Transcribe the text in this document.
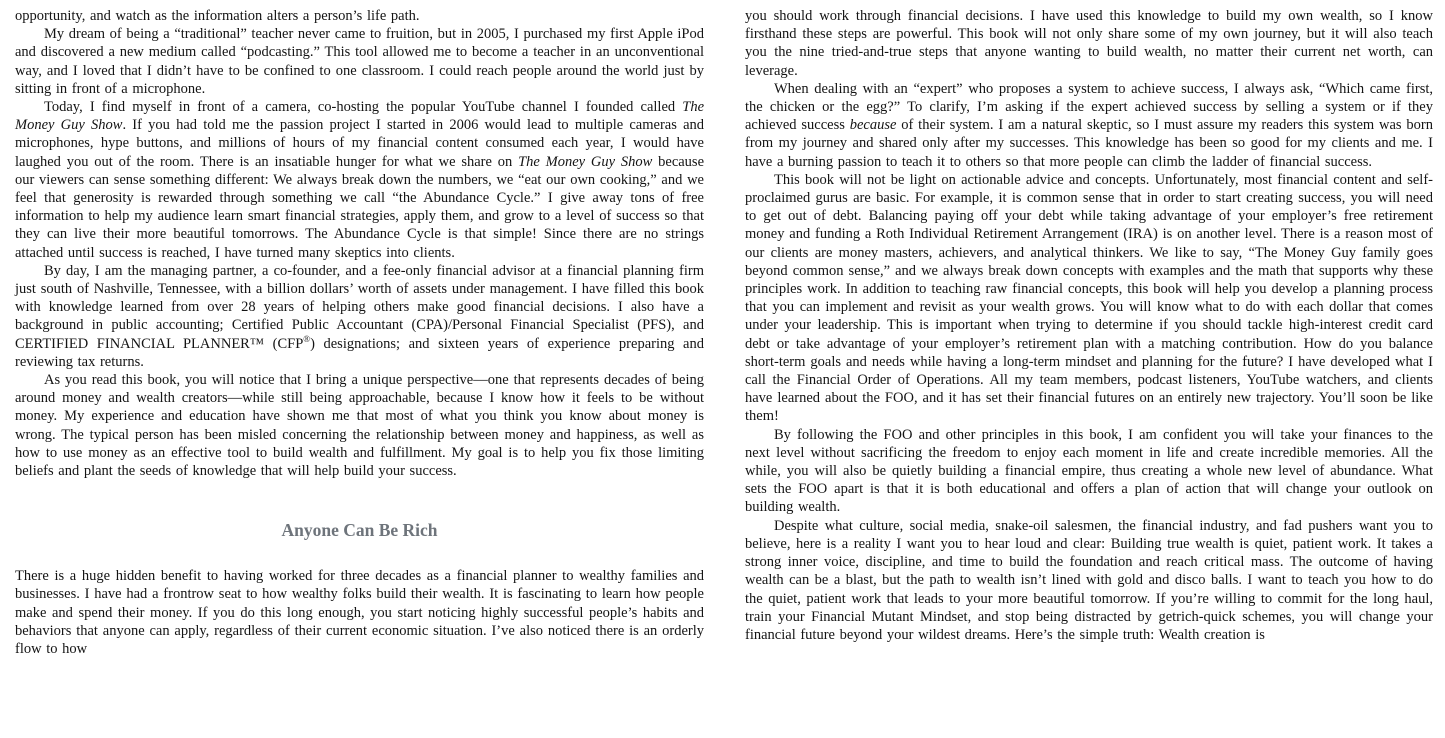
opportunity, and watch as the information alters a person’s life path.

My dream of being a “traditional” teacher never came to fruition, but in 2005, I purchased my first Apple iPod and discovered a new medium called “podcasting.” This tool allowed me to become a teacher in an unconventional way, and I loved that I didn’t have to be confined to one classroom. I could reach people around the world just by sitting in front of a microphone.

Today, I find myself in front of a camera, co-hosting the popular YouTube channel I founded called The Money Guy Show. If you had told me the passion project I started in 2006 would lead to multiple cameras and microphones, hype buttons, and millions of hours of my financial content consumed each year, I would have laughed you out of the room. There is an insatiable hunger for what we share on The Money Guy Show because our viewers can sense something different: We always break down the numbers, we “eat our own cooking,” and we feel that generosity is rewarded through something we call “the Abundance Cycle.” I give away tons of free information to help my audience learn smart financial strategies, apply them, and grow to a level of success so that they can live their more beautiful tomorrows. The Abundance Cycle is that simple! Since there are no strings attached until success is reached, I have turned many skeptics into clients.

By day, I am the managing partner, a co-founder, and a fee-only financial advisor at a financial planning firm just south of Nashville, Tennessee, with a billion dollars’ worth of assets under management. I have filled this book with knowledge learned from over 28 years of helping others make good financial decisions. I also have a background in public accounting; Certified Public Accountant (CPA)/Personal Financial Specialist (PFS), and CERTIFIED FINANCIAL PLANNER™ (CFP®) designations; and sixteen years of experience preparing and reviewing tax returns.

As you read this book, you will notice that I bring a unique perspective—one that represents decades of being around money and wealth creators—while still being approachable, because I know how it feels to be without money. My experience and education have shown me that most of what you think you know about money is wrong. The typical person has been misled concerning the relationship between money and happiness, as well as how to use money as an effective tool to build wealth and fulfillment. My goal is to help you fix those limiting beliefs and plant the seeds of knowledge that will help build your success.

Anyone Can Be Rich

There is a huge hidden benefit to having worked for three decades as a financial planner to wealthy families and businesses. I have had a frontrow seat to how wealthy folks build their wealth. It is fascinating to learn how people make and spend their money. If you do this long enough, you start noticing highly successful people’s habits and behaviors that anyone can apply, regardless of their current economic situation. I’ve also noticed there is an orderly flow to how

you should work through financial decisions. I have used this knowledge to build my own wealth, so I know firsthand these steps are powerful. This book will not only share some of my own journey, but it will also teach you the nine tried-and-true steps that anyone wanting to build wealth, no matter their current net worth, can leverage.

When dealing with an “expert” who proposes a system to achieve success, I always ask, “Which came first, the chicken or the egg?” To clarify, I’m asking if the expert achieved success by selling a system or if they achieved success because of their system. I am a natural skeptic, so I must assure my readers this system was born from my journey and shared only after my successes. This knowledge has been so good for my clients and me. I have a burning passion to teach it to others so that more people can climb the ladder of financial success.

This book will not be light on actionable advice and concepts. Unfortunately, most financial content and self-proclaimed gurus are basic. For example, it is common sense that in order to start creating success, you will need to get out of debt. Balancing paying off your debt while taking advantage of your employer’s free retirement money and funding a Roth Individual Retirement Arrangement (IRA) is on another level. There is a reason most of our clients are money masters, achievers, and analytical thinkers. We like to say, “The Money Guy family goes beyond common sense,” and we always break down concepts with examples and the math that supports why these principles work. In addition to teaching raw financial concepts, this book will help you develop a planning process that you can implement and revisit as your wealth grows. You will know what to do with each dollar that comes under your leadership. This is important when trying to determine if you should tackle high-interest credit card debt or take advantage of your employer’s retirement plan with a matching contribution. How do you balance short-term goals and needs while having a long-term mindset and planning for the future? I have developed what I call the Financial Order of Operations. All my team members, podcast listeners, YouTube watchers, and clients have learned about the FOO, and it has set their financial futures on an entirely new trajectory. You’ll soon be like them!

By following the FOO and other principles in this book, I am confident you will take your finances to the next level without sacrificing the freedom to enjoy each moment in life and create incredible memories. All the while, you will also be quietly building a financial empire, thus creating a whole new level of abundance. What sets the FOO apart is that it is both educational and offers a plan of action that will change your outlook on building wealth.

Despite what culture, social media, snake-oil salesmen, the financial industry, and fad pushers want you to believe, here is a reality I want you to hear loud and clear: Building true wealth is quiet, patient work. It takes a strong inner voice, discipline, and time to build the foundation and reach critical mass. The outcome of having wealth can be a blast, but the path to wealth isn’t lined with gold and disco balls. I want to teach you how to do the quiet, patient work that leads to your more beautiful tomorrow. If you’re willing to commit for the long haul, train your Financial Mutant Mindset, and stop being distracted by getrich-quick schemes, you will change your financial future beyond your wildest dreams. Here’s the simple truth: Wealth creation is
